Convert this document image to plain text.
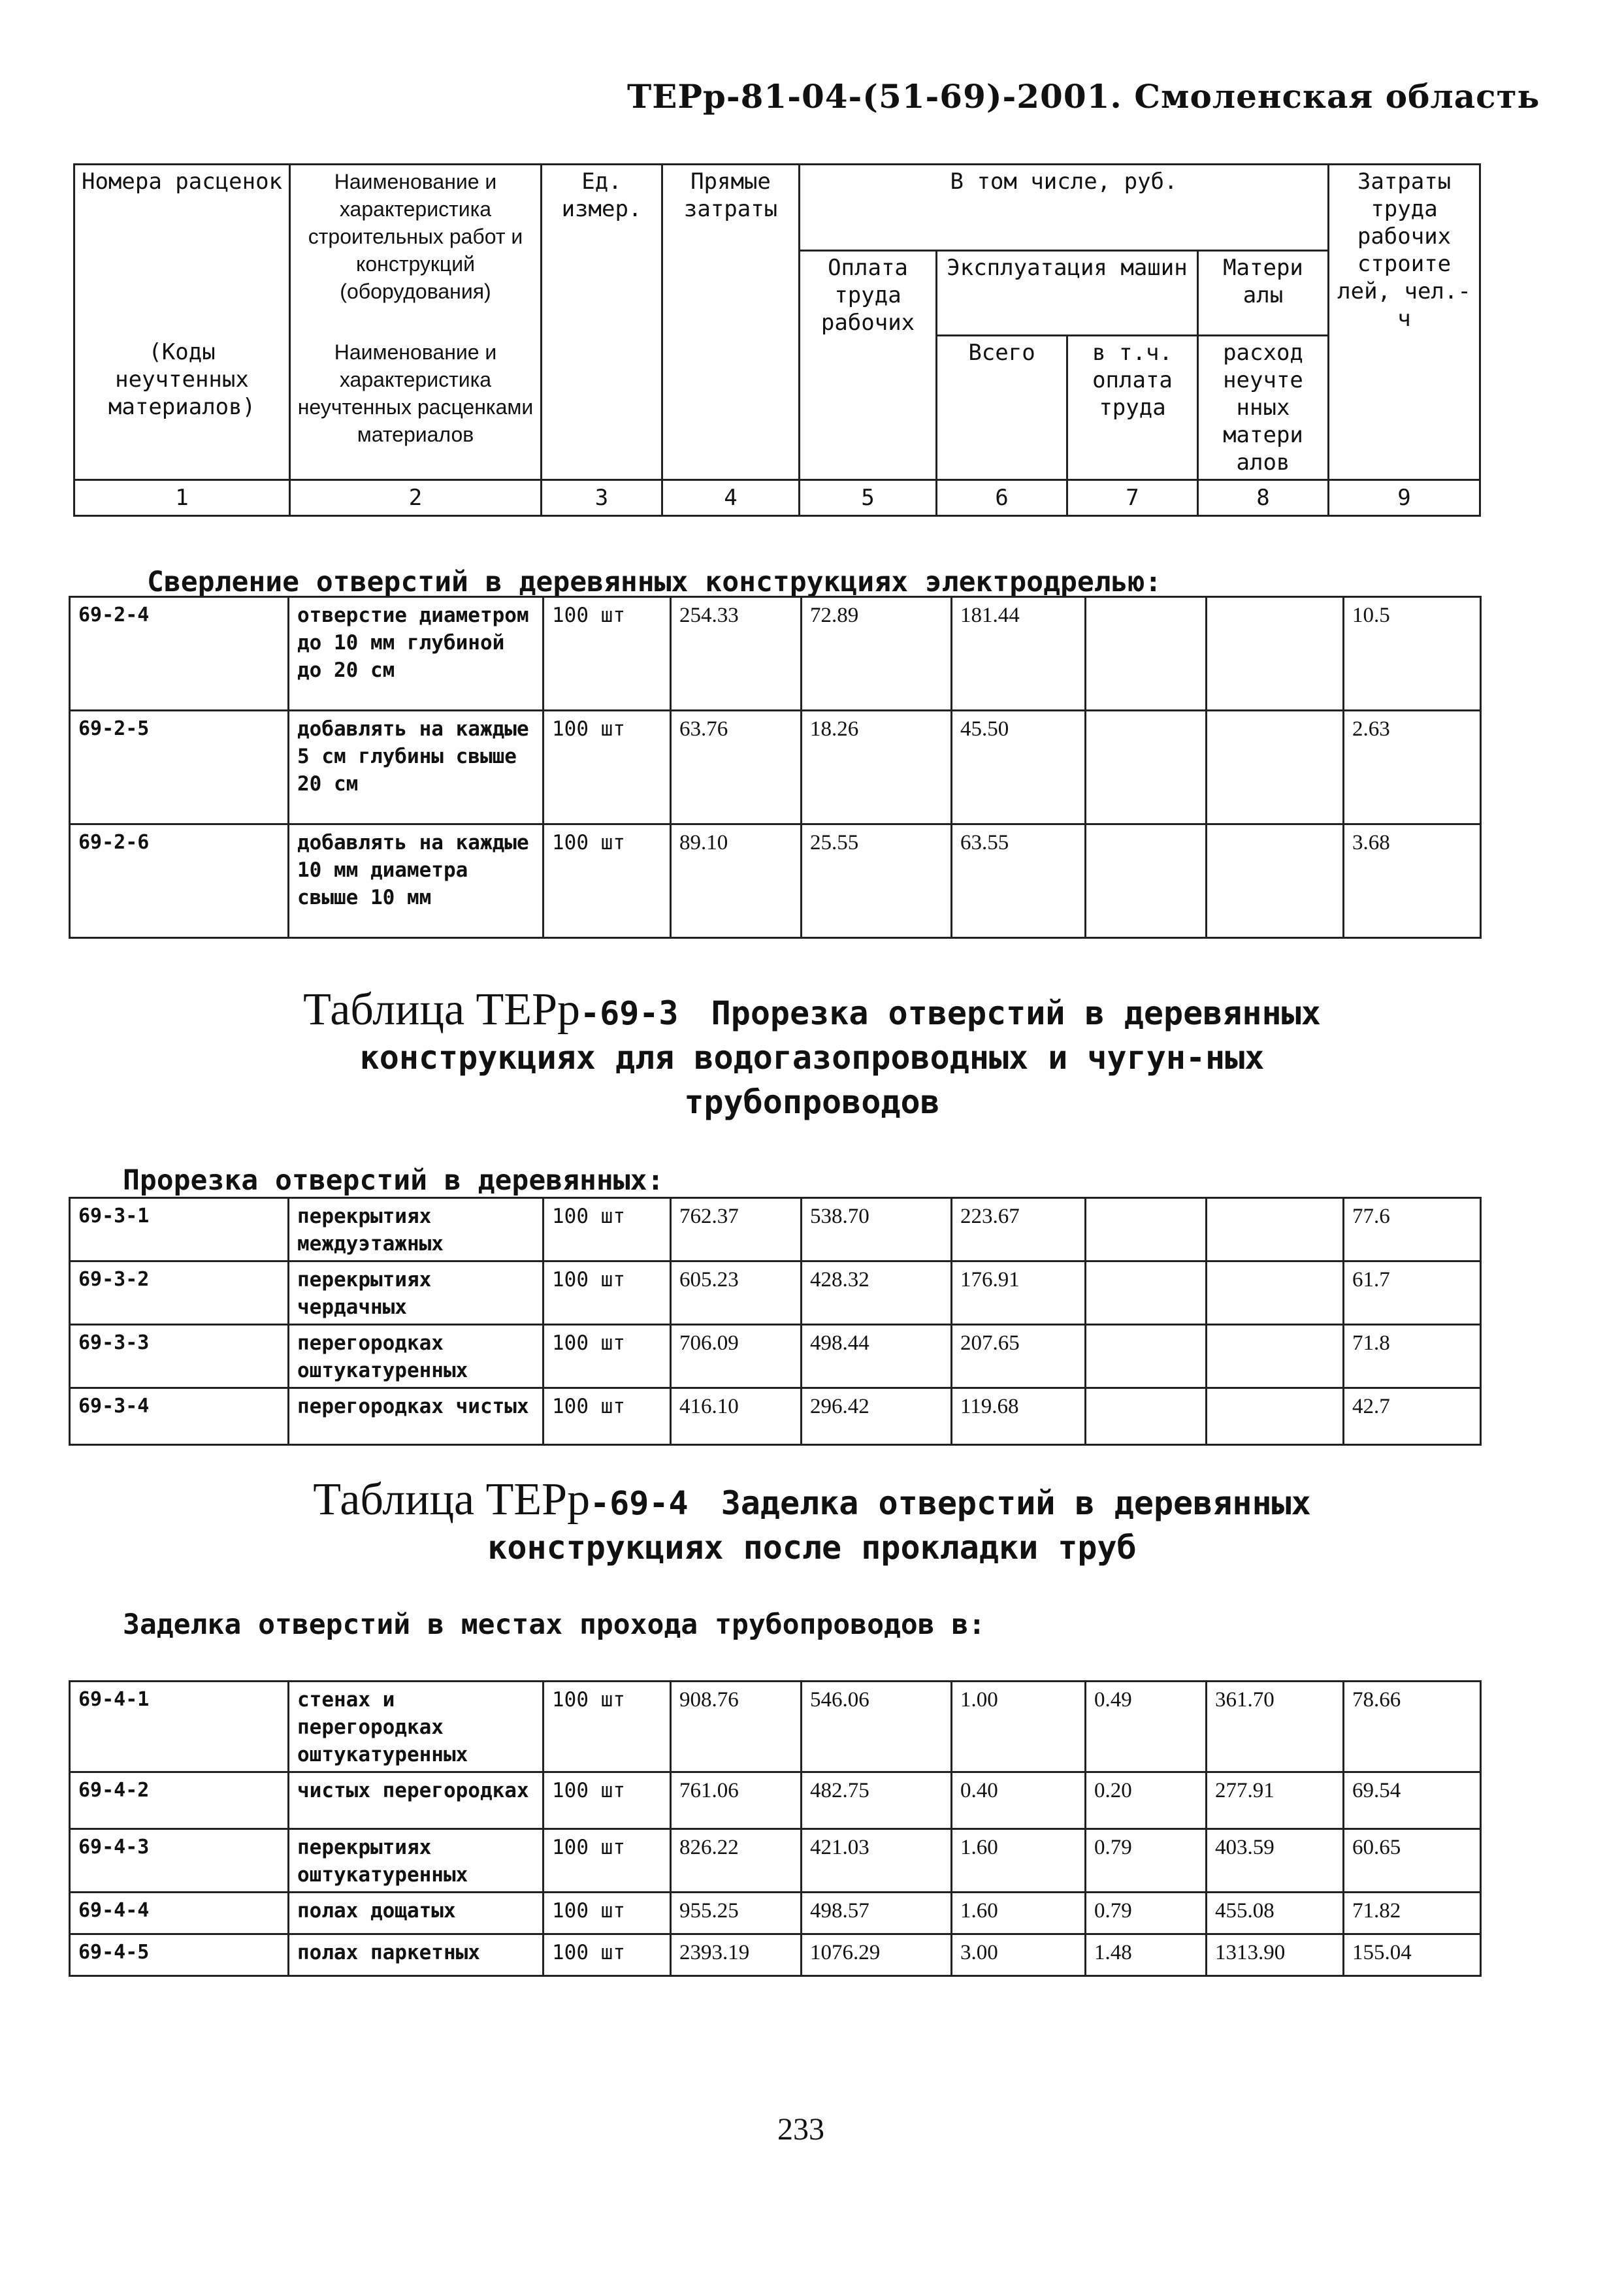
ТЕРр-81-04-(51-69)-2001. Смоленская область
Номера расценок	Наименование и характеристика строительных работ и конструкций (оборудования)	Ед. измер.	Прямые затраты	В том числе, руб.				Затраты труда рабочих строите лей, чел.-ч
				Оплата труда рабочих	Эксплуатация машин		Матери алы	
(Коды неучтенных материалов)	Наименование и характеристика неучтенных расценками материалов				Всего	в т.ч. оплата труда	расход неучте нных матери алов	

1	2	3	4	5	6	7	8	9
Сверление отверстий в деревянных конструкциях электродрелью:
69-2-4	отверстие диаметром до 10 мм глубиной до 20 см	100 шт	254.33	72.89	181.44			10.5
69-2-5	добавлять на каждые 5 см глубины свыше 20 см	100 шт	63.76	18.26	45.50			2.63
69-2-6	добавлять на каждые 10 мм диаметра свыше 10 мм	100 шт	89.10	25.55	63.55			3.68
Таблица ТЕРр-69-3 Прорезка отверстий в деревянных
конструкциях для водогазопроводных и чугун-ных
трубопроводов
Прорезка отверстий в деревянных:
69-3-1	перекрытиях междуэтажных	100 шт	762.37	538.70	223.67			77.6
69-3-2	перекрытиях чердачных	100 шт	605.23	428.32	176.91			61.7
69-3-3	перегородках оштукатуренных	100 шт	706.09	498.44	207.65			71.8
69-3-4	перегородках чистых	100 шт	416.10	296.42	119.68			42.7
Таблица ТЕРр-69-4 Заделка отверстий в деревянных
конструкциях после прокладки труб
Заделка отверстий в местах прохода трубопроводов в:
69-4-1	стенах и перегородках оштукатуренных	100 шт	908.76	546.06	1.00	0.49	361.70	78.66
69-4-2	чистых перегородках	100 шт	761.06	482.75	0.40	0.20	277.91	69.54
69-4-3	перекрытиях оштукатуренных	100 шт	826.22	421.03	1.60	0.79	403.59	60.65
69-4-4	полах дощатых	100 шт	955.25	498.57	1.60	0.79	455.08	71.82
69-4-5	полах паркетных	100 шт	2393.19	1076.29	3.00	1.48	1313.90	155.04
233
